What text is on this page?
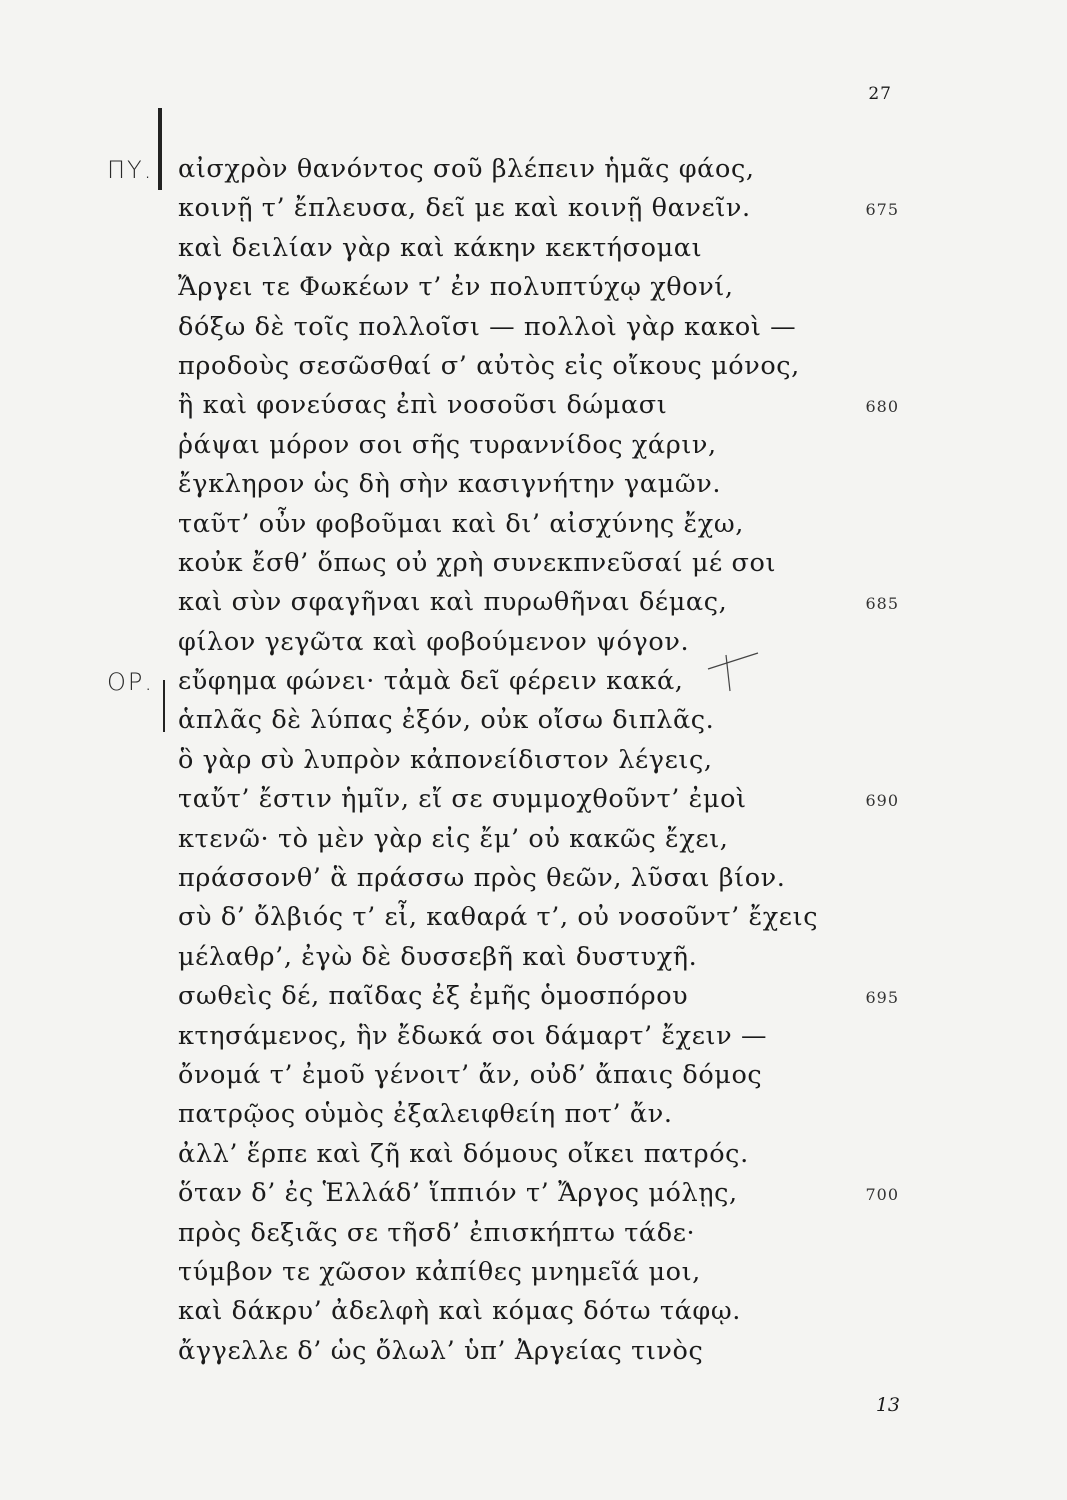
27
ΠΥ. αἰσχρὸν θανόντος σοῦ βλέπειν ἡμᾶς φάος,
κοινῇ τ’ ἔπλευσα, δεῖ με καὶ κοινῇ θανεῖν.	675
καὶ δειλίαν γὰρ καὶ κάκην κεκτήσομαι
Ἄργει τε Φωκέων τ’ ἐν πολυπτύχῳ χθονί,
δόξω δὲ τοῖς πολλοῖσι — πολλοὶ γὰρ κακοὶ —
προδοὺς σεσῶσθαί σ’ αὐτὸς εἰς οἴκους μόνος,
ἢ καὶ φονεύσας ἐπὶ νοσοῦσι δώμασι	680
ῥάψαι μόρον σοι σῆς τυραννίδος χάριν,
ἔγκληρον ὡς δὴ σὴν κασιγνήτην γαμῶν.
ταῦτ’ οὖν φοβοῦμαι καὶ δι’ αἰσχύνης ἔχω,
κοὐκ ἔσθ’ ὅπως οὐ χρὴ συνεκπνεῦσαί μέ σοι
καὶ σὺν σφαγῆναι καὶ πυρωθῆναι δέμας,	685
φίλον γεγῶτα καὶ φοβούμενον ψόγον.
ΟΡ. εὔφημα φώνει· τἀμὰ δεῖ φέρειν κακά,
ἁπλᾶς δὲ λύπας ἐξόν, οὐκ οἴσω διπλᾶς.
ὃ γὰρ σὺ λυπρὸν κἀπονείδιστον λέγεις,
ταὔτ’ ἔστιν ἡμῖν, εἴ σε συμμοχθοῦντ’ ἐμοὶ	690
κτενῶ· τὸ μὲν γὰρ εἰς ἔμ’ οὐ κακῶς ἔχει,
πράσσονθ’ ἃ πράσσω πρὸς θεῶν, λῦσαι βίον.
σὺ δ’ ὄλβιός τ’ εἶ, καθαρά τ’, οὐ νοσοῦντ’ ἔχεις
μέλαθρ’, ἐγὼ δὲ δυσσεβῆ καὶ δυστυχῆ.
σωθεὶς δέ, παῖδας ἐξ ἐμῆς ὁμοσπόρου	695
κτησάμενος, ἣν ἔδωκά σοι δάμαρτ’ ἔχειν —
ὄνομά τ’ ἐμοῦ γένοιτ’ ἄν, οὐδ’ ἄπαις δόμος
πατρῷος οὑμὸς ἐξαλειφθείη ποτ’ ἄν.
ἀλλ’ ἕρπε καὶ ζῆ καὶ δόμους οἴκει πατρός.
ὅταν δ’ ἐς Ἑλλάδ’ ἵππιόν τ’ Ἄργος μόλῃς,	700
πρὸς δεξιᾶς σε τῆσδ’ ἐπισκήπτω τάδε·
τύμβον τε χῶσον κἀπίθες μνημεῖά μοι,
καὶ δάκρυ’ ἀδελφὴ καὶ κόμας δότω τάφῳ.
ἄγγελλε δ’ ὡς ὄλωλ’ ὑπ’ Ἀργείας τινὸς
13
